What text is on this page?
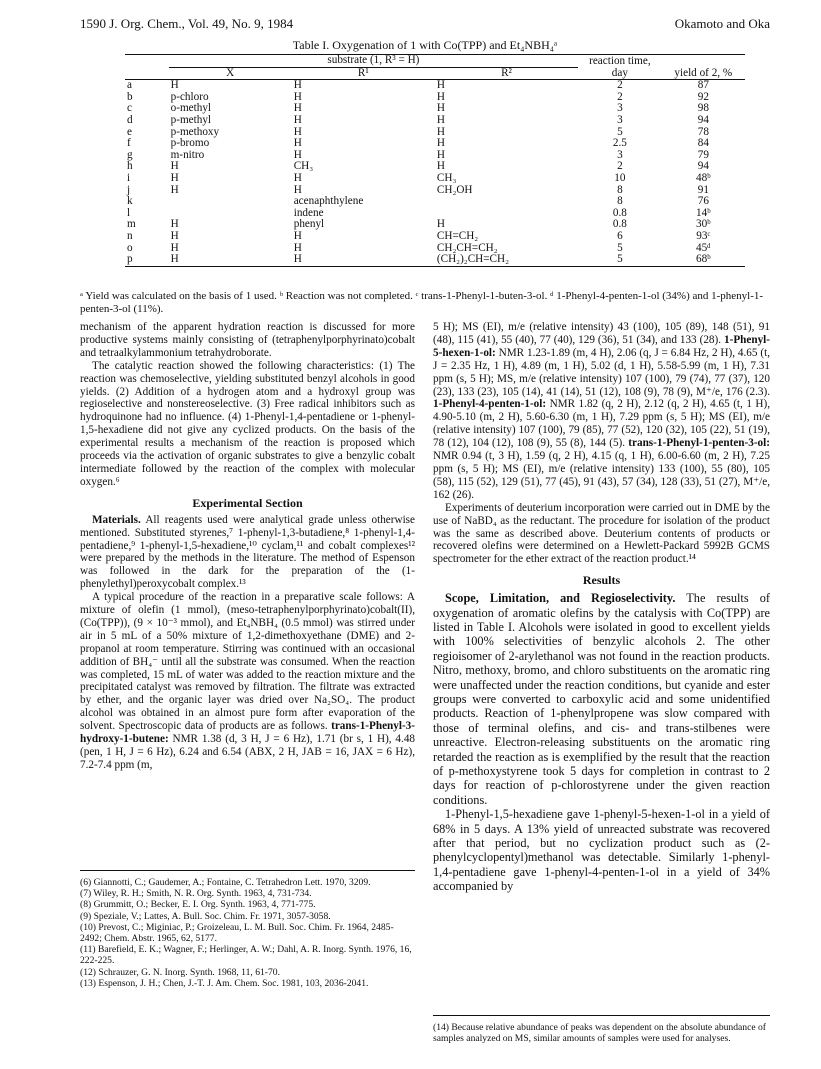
1590 J. Org. Chem., Vol. 49, No. 9, 1984	Okamoto and Oka
Table I. Oxygenation of 1 with Co(TPP) and Et₄NBH₄ᵃ

	substrate (1, R³ = H)			reaction time, day	yield of 2, %
	X	R¹	R²		

a	H	H	H	2	87
b	p-chloro	H	H	2	92
c	o-methyl	H	H	3	98
d	p-methyl	H	H	3	94
e	p-methoxy	H	H	5	78
f	p-bromo	H	H	2.5	84
g	m-nitro	H	H	3	79
h	H	CH₃	H	2	94
i	H	H	CH₃	10	48ᵇ
j	H	H	CH₂OH	8	91
k		acenaphthylene		8	76
l		indene		0.8	14ᵇ
m	H	phenyl	H	0.8	30ᵇ
n	H	H	CH=CH₂	6	93ᶜ
o	H	H	CH₂CH=CH₂	5	45ᵈ
p	H	H	(CH₂)₂CH=CH₂	5	68ᵇ

ᵃ Yield was calculated on the basis of 1 used. ᵇ Reaction was not completed. ᶜ trans-1-Phenyl-1-buten-3-ol. ᵈ 1-Phenyl-4-penten-1-ol (34%) and 1-phenyl-1-penten-3-ol (11%).

mechanism of the apparent hydration reaction is discussed for more productive systems mainly consisting of (tetraphenylporphyrinato)cobalt and tetraalkylammonium tetrahydroborate.

The catalytic reaction showed the following characteristics: (1) The reaction was chemoselective, yielding substituted benzyl alcohols in good yields. (2) Addition of a hydrogen atom and a hydroxyl group was regioselective and nonstereoselective. (3) Free radical inhibitors such as hydroquinone had no influence. (4) 1-Phenyl-1,4-pentadiene or 1-phenyl-1,5-hexadiene did not give any cyclized products. On the basis of the experimental results a mechanism of the reaction is proposed which proceeds via the activation of organic substrates to give a benzylic cobalt intermediate followed by the reaction of the complex with molecular oxygen.⁶

Experimental Section

Materials. All reagents used were analytical grade unless otherwise mentioned. Substituted styrenes,⁷ 1-phenyl-1,3-butadiene,⁸ 1-phenyl-1,4-pentadiene,⁹ 1-phenyl-1,5-hexadiene,¹⁰ cyclam,¹¹ and cobalt complexes¹² were prepared by the methods in the literature. The method of Espenson was followed in the dark for the preparation of the (1-phenylethyl)peroxycobalt complex.¹³

A typical procedure of the reaction in a preparative scale follows: A mixture of olefin (1 mmol), (meso-tetraphenylporphyrinato)cobalt(II), (Co(TPP)), (9 × 10⁻³ mmol), and Et₄NBH₄ (0.5 mmol) was stirred under air in 5 mL of a 50% mixture of 1,2-dimethoxyethane (DME) and 2-propanol at room temperature. Stirring was continued with an occasional addition of BH₄⁻ until all the substrate was consumed. When the reaction was completed, 15 mL of water was added to the reaction mixture and the precipitated catalyst was removed by filtration. The filtrate was extracted by ether, and the organic layer was dried over Na₂SO₄. The product alcohol was obtained in an almost pure form after evaporation of the solvent. Spectroscopic data of products are as follows. trans-1-Phenyl-3-hydroxy-1-butene: NMR 1.38 (d, 3 H, J = 6 Hz), 1.71 (br s, 1 H), 4.48 (pen, 1 H, J = 6 Hz), 6.24 and 6.54 (ABX, 2 H, JAB = 16, JAX = 6 Hz), 7.2-7.4 ppm (m,

5 H); MS (EI), m/e (relative intensity) 43 (100), 105 (89), 148 (51), 91 (48), 115 (41), 55 (40), 77 (40), 129 (36), 51 (34), and 133 (28). 1-Phenyl-5-hexen-1-ol: NMR 1.23-1.89 (m, 4 H), 2.06 (q, J = 6.84 Hz, 2 H), 4.65 (t, J = 2.35 Hz, 1 H), 4.89 (m, 1 H), 5.02 (d, 1 H), 5.58-5.99 (m, 1 H), 7.31 ppm (s, 5 H); MS, m/e (relative intensity) 107 (100), 79 (74), 77 (37), 120 (23), 133 (23), 105 (14), 41 (14), 51 (12), 108 (9), 78 (9), M⁺/e, 176 (2.3). 1-Phenyl-4-penten-1-ol: NMR 1.82 (q, 2 H), 2.12 (q, 2 H), 4.65 (t, 1 H), 4.90-5.10 (m, 2 H), 5.60-6.30 (m, 1 H), 7.29 ppm (s, 5 H); MS (EI), m/e (relative intensity) 107 (100), 79 (85), 77 (52), 120 (32), 105 (22), 51 (19), 78 (12), 104 (12), 108 (9), 55 (8), 144 (5). trans-1-Phenyl-1-penten-3-ol: NMR 0.94 (t, 3 H), 1.59 (q, 2 H), 4.15 (q, 1 H), 6.00-6.60 (m, 2 H), 7.25 ppm (s, 5 H); MS (EI), m/e (relative intensity) 133 (100), 55 (80), 105 (58), 115 (52), 129 (51), 77 (45), 91 (43), 57 (34), 128 (33), 51 (27), M⁺/e, 162 (26).

Experiments of deuterium incorporation were carried out in DME by the use of NaBD₄ as the reductant. The procedure for isolation of the product was the same as described above. Deuterium contents of products or recovered olefins were determined on a Hewlett-Packard 5992B GCMS spectrometer for the ether extract of the reaction product.¹⁴

Results

Scope, Limitation, and Regioselectivity. The results of oxygenation of aromatic olefins by the catalysis with Co(TPP) are listed in Table I. Alcohols were isolated in good to excellent yields with 100% selectivities of benzylic alcohols 2. The other regioisomer of 2-arylethanol was not found in the reaction products. Nitro, methoxy, bromo, and chloro substituents on the aromatic ring were unaffected under the reaction conditions, but cyanide and ester groups were converted to carboxylic acid and some unidentified products. Reaction of 1-phenylpropene was slow compared with those of terminal olefins, and cis- and trans-stilbenes were unreactive. Electron-releasing substituents on the aromatic ring retarded the reaction as is exemplified by the result that the reaction of p-methoxystyrene took 5 days for completion in contrast to 2 days for reaction of p-chlorostyrene under the given reaction conditions.

1-Phenyl-1,5-hexadiene gave 1-phenyl-5-hexen-1-ol in a yield of 68% in 5 days. A 13% yield of unreacted substrate was recovered after that period, but no cyclization product such as (2-phenylcyclopentyl)methanol was detectable. Similarly 1-phenyl-1,4-pentadiene gave 1-phenyl-4-penten-1-ol in a yield of 34% accompanied by

(6) Giannotti, C.; Gaudemer, A.; Fontaine, C. Tetrahedron Lett. 1970, 3209.

(7) Wiley, R. H.; Smith, N. R. Org. Synth. 1963, 4, 731-734.

(8) Grummitt, O.; Becker, E. I. Org. Synth. 1963, 4, 771-775.

(9) Speziale, V.; Lattes, A. Bull. Soc. Chim. Fr. 1971, 3057-3058.

(10) Prevost, C.; Miginiac, P.; Groizeleau, L. M. Bull. Soc. Chim. Fr. 1964, 2485-2492; Chem. Abstr. 1965, 62, 5177.

(11) Barefield, E. K.; Wagner, F.; Herlinger, A. W.; Dahl, A. R. Inorg. Synth. 1976, 16, 222-225.

(12) Schrauzer, G. N. Inorg. Synth. 1968, 11, 61-70.

(13) Espenson, J. H.; Chen, J.-T. J. Am. Chem. Soc. 1981, 103, 2036-2041.

(14) Because relative abundance of peaks was dependent on the absolute abundance of samples analyzed on MS, similar amounts of samples were used for analyses.
